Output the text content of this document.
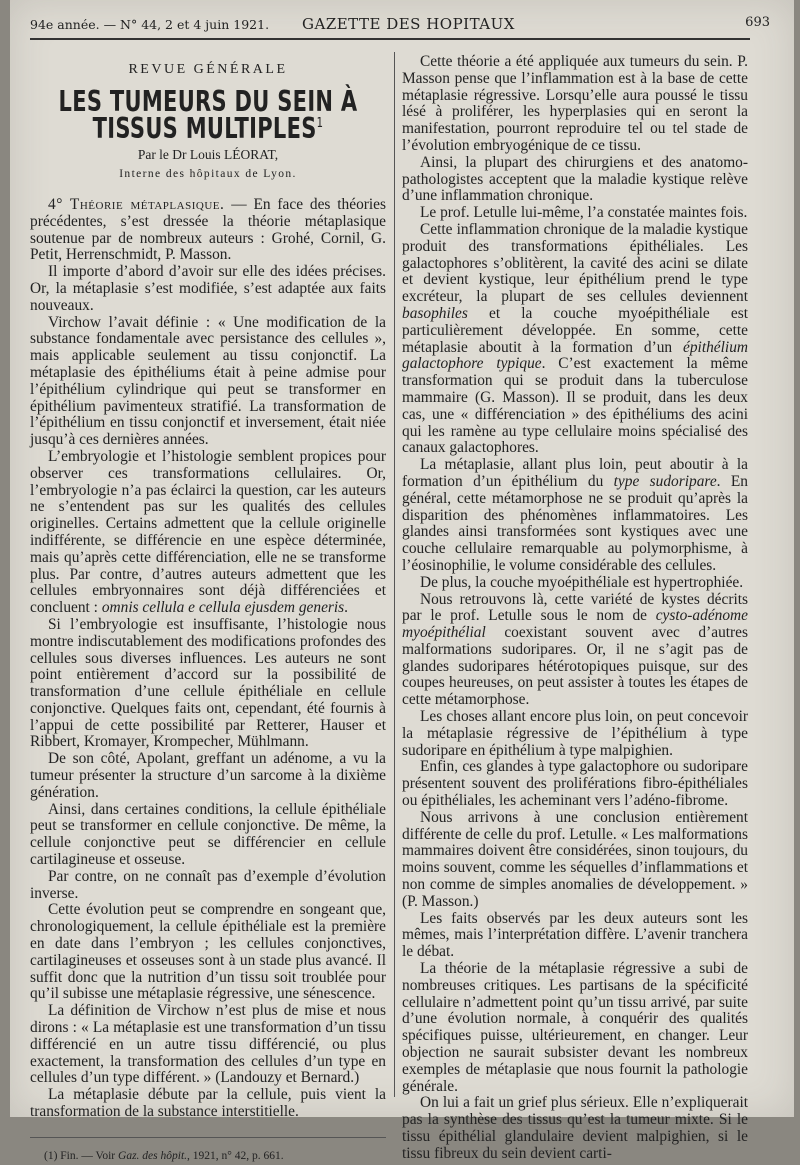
94e année. — N° 44, 2 et 4 juin 1921. GAZETTE DES HOPITAUX	693
REVUE GÉNÉRALE
LES TUMEURS DU SEIN À TISSUS MULTIPLES$^1$
Par le Dr Louis LÉORAT,
Interne des hôpitaux de Lyon.

4° Théorie métaplasique. — En face des théories précédentes, s’est dressée la théorie métaplasique soutenue par de nombreux auteurs : Grohé, Cornil, G. Petit, Herrenschmidt, P. Masson.

Il importe d’abord d’avoir sur elle des idées précises. Or, la métaplasie s’est modifiée, s’est adaptée aux faits nouveaux.

Virchow l’avait définie : « Une modification de la substance fondamentale avec persistance des cellules », mais applicable seulement au tissu conjonctif. La métaplasie des épithéliums était à peine admise pour l’épithélium cylindrique qui peut se transformer en épithélium pavimenteux stratifié. La transformation de l’épithélium en tissu conjonctif et inversement, était niée jusqu’à ces dernières années.

L’embryologie et l’histologie semblent propices pour observer ces transformations cellulaires. Or, l’embryologie n’a pas éclairci la question, car les auteurs ne s’entendent pas sur les qualités des cellules originelles. Certains admettent que la cellule originelle indifférente, se différencie en une espèce déterminée, mais qu’après cette différenciation, elle ne se transforme plus. Par contre, d’autres auteurs admettent que les cellules embryonnaires sont déjà différenciées et concluent : omnis cellula e cellula ejusdem generis.

Si l’embryologie est insuffisante, l’histologie nous montre indiscutablement des modifications profondes des cellules sous diverses influences. Les auteurs ne sont point entièrement d’accord sur la possibilité de transformation d’une cellule épithéliale en cellule conjonctive. Quelques faits ont, cependant, été fournis à l’appui de cette possibilité par Retterer, Hauser et Ribbert, Kromayer, Krompecher, Mühlmann.

De son côté, Apolant, greffant un adénome, a vu la tumeur présenter la structure d’un sarcome à la dixième génération.

Ainsi, dans certaines conditions, la cellule épithéliale peut se transformer en cellule conjonctive. De même, la cellule conjonctive peut se différencier en cellule cartilagineuse et osseuse.

Par contre, on ne connaît pas d’exemple d’évolution inverse.

Cette évolution peut se comprendre en songeant que, chronologiquement, la cellule épithéliale est la première en date dans l’embryon ; les cellules conjonctives, cartilagineuses et osseuses sont à un stade plus avancé. Il suffit donc que la nutrition d’un tissu soit troublée pour qu’il subisse une métaplasie régressive, une sénescence.

La définition de Virchow n’est plus de mise et nous dirons : « La métaplasie est une transformation d’un tissu différencié en un autre tissu différencié, ou plus exactement, la transformation des cellules d’un type en cellules d’un type différent. » (Landouzy et Bernard.)

La métaplasie débute par la cellule, puis vient la transformation de la substance interstitielle.

(1) Fin. — Voir Gaz. des hôpit., 1921, n° 42, p. 661.

Cette théorie a été appliquée aux tumeurs du sein. P. Masson pense que l’inflammation est à la base de cette métaplasie régressive. Lorsqu’elle aura poussé le tissu lésé à proliférer, les hyperplasies qui en seront la manifestation, pourront reproduire tel ou tel stade de l’évolution embryogénique de ce tissu.

Ainsi, la plupart des chirurgiens et des anatomo-pathologistes acceptent que la maladie kystique relève d’une inflammation chronique.

Le prof. Letulle lui-même, l’a constatée maintes fois.

Cette inflammation chronique de la maladie kystique produit des transformations épithéliales. Les galactophores s’oblitèrent, la cavité des acini se dilate et devient kystique, leur épithélium prend le type excréteur, la plupart de ses cellules deviennent basophiles et la couche myoépithéliale est particulièrement développée. En somme, cette métaplasie aboutit à la formation d’un épithélium galactophore typique. C’est exactement la même transformation qui se produit dans la tuberculose mammaire (G. Masson). Il se produit, dans les deux cas, une « différenciation » des épithéliums des acini qui les ramène au type cellulaire moins spécialisé des canaux galactophores.

La métaplasie, allant plus loin, peut aboutir à la formation d’un épithélium du type sudoripare. En général, cette métamorphose ne se produit qu’après la disparition des phénomènes inflammatoires. Les glandes ainsi transformées sont kystiques avec une couche cellulaire remarquable au polymorphisme, à l’éosinophilie, le volume considérable des cellules.

De plus, la couche myoépithéliale est hypertrophiée.

Nous retrouvons là, cette variété de kystes décrits par le prof. Letulle sous le nom de cysto-adénome myoépithélial coexistant souvent avec d’autres malformations sudoripares. Or, il ne s’agit pas de glandes sudoripares hétérotopiques puisque, sur des coupes heureuses, on peut assister à toutes les étapes de cette métamorphose.

Les choses allant encore plus loin, on peut concevoir la métaplasie régressive de l’épithélium à type sudoripare en épithélium à type malpighien.

Enfin, ces glandes à type galactophore ou sudoripare présentent souvent des proliférations fibro-épithéliales ou épithéliales, les acheminant vers l’adéno-fibrome.

Nous arrivons à une conclusion entièrement différente de celle du prof. Letulle. « Les malformations mammaires doivent être considérées, sinon toujours, du moins souvent, comme les séquelles d’inflammations et non comme de simples anomalies de développement. » (P. Masson.)

Les faits observés par les deux auteurs sont les mêmes, mais l’interprétation diffère. L’avenir tranchera le débat.

La théorie de la métaplasie régressive a subi de nombreuses critiques. Les partisans de la spécificité cellulaire n’admettent point qu’un tissu arrivé, par suite d’une évolution normale, à conquérir des qualités spécifiques puisse, ultérieurement, en changer. Leur objection ne saurait subsister devant les nombreux exemples de métaplasie que nous fournit la pathologie générale.

On lui a fait un grief plus sérieux. Elle n’expliquerait pas la synthèse des tissus qu’est la tumeur mixte. Si le tissu épithélial glandulaire devient malpighien, si le tissu fibreux du sein devient carti-
